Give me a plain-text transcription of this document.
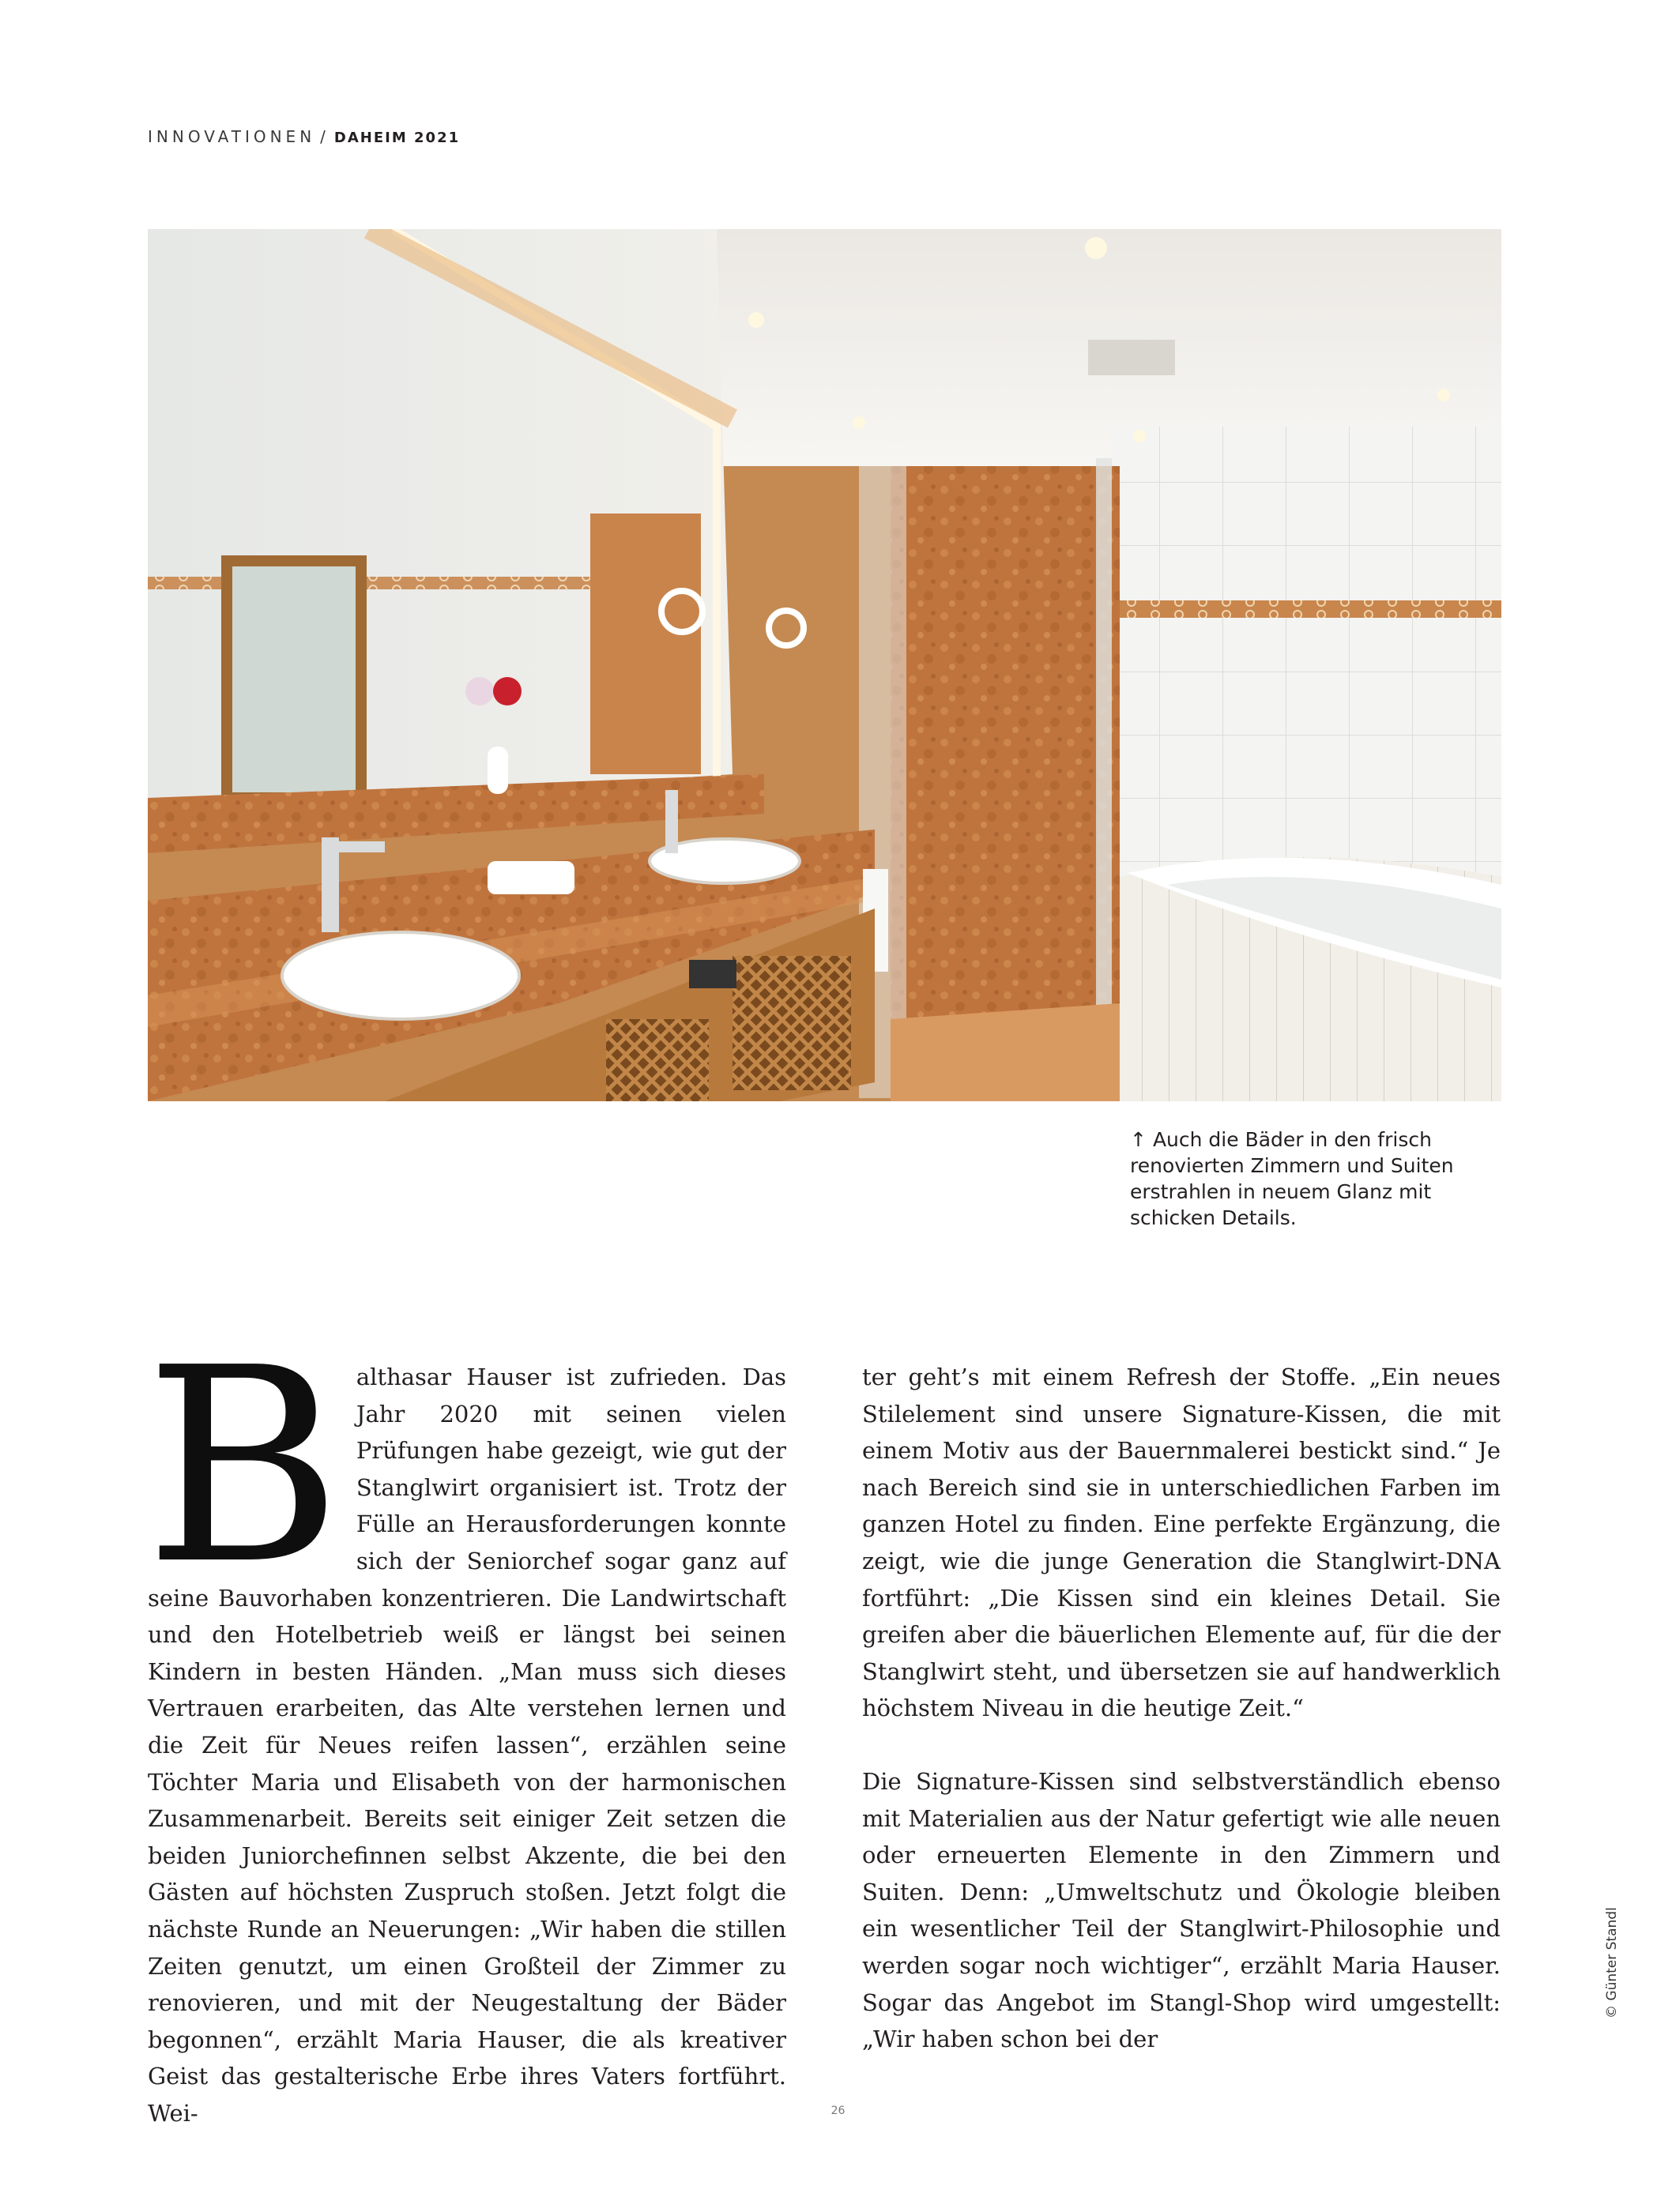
INNOVATIONEN / DAHEIM 2021
↑ Auch die Bäder in den frisch renovierten Zimmern und Suiten erstrahlen in neuem Glanz mit schicken Details.
B althasar Hauser ist zufrieden. Das Jahr 2020 mit seinen vielen Prüfungen habe gezeigt, wie gut der Stanglwirt organisiert ist. Trotz der Fülle an Herausforderungen konnte sich der Seniorchef sogar ganz auf seine Bauvorhaben konzentrieren. Die Landwirtschaft und den Hotelbetrieb weiß er längst bei seinen Kindern in besten Händen. „Man muss sich dieses Vertrauen erarbeiten, das Alte verstehen lernen und die Zeit für Neues reifen lassen“, erzählen seine Töchter Maria und Elisabeth von der harmonischen Zusammenarbeit. Bereits seit einiger Zeit setzen die beiden Juniorchefinnen selbst Akzente, die bei den Gästen auf höchsten Zuspruch stoßen. Jetzt folgt die nächste Runde an Neuerungen: „Wir haben die stillen Zeiten genutzt, um einen Großteil der Zimmer zu renovieren, und mit der Neugestaltung der Bäder begonnen“, erzählt Maria Hauser, die als kreativer Geist das gestalterische Erbe ihres Vaters fortführt. Wei-
ter geht’s mit einem Refresh der Stoffe. „Ein neues Stilelement sind unsere Signature-Kissen, die mit einem Motiv aus der Bauernmalerei bestickt sind.“ Je nach Bereich sind sie in unterschiedlichen Farben im ganzen Hotel zu finden. Eine perfekte Ergänzung, die zeigt, wie die junge Generation die Stanglwirt-DNA fortführt: „Die Kissen sind ein kleines Detail. Sie greifen aber die bäuerlichen Elemente auf, für die der Stanglwirt steht, und übersetzen sie auf handwerklich höchstem Niveau in die heutige Zeit.“
Die Signature-Kissen sind selbstverständlich ebenso mit Materialien aus der Natur gefertigt wie alle neuen oder erneuerten Elemente in den Zimmern und Suiten. Denn: „Umweltschutz und Ökologie bleiben ein wesentlicher Teil der Stanglwirt-Philosophie und werden sogar noch wichtiger“, erzählt Maria Hauser. Sogar das Angebot im Stangl-Shop wird umgestellt: „Wir haben schon bei der
© Günter Standl
26
